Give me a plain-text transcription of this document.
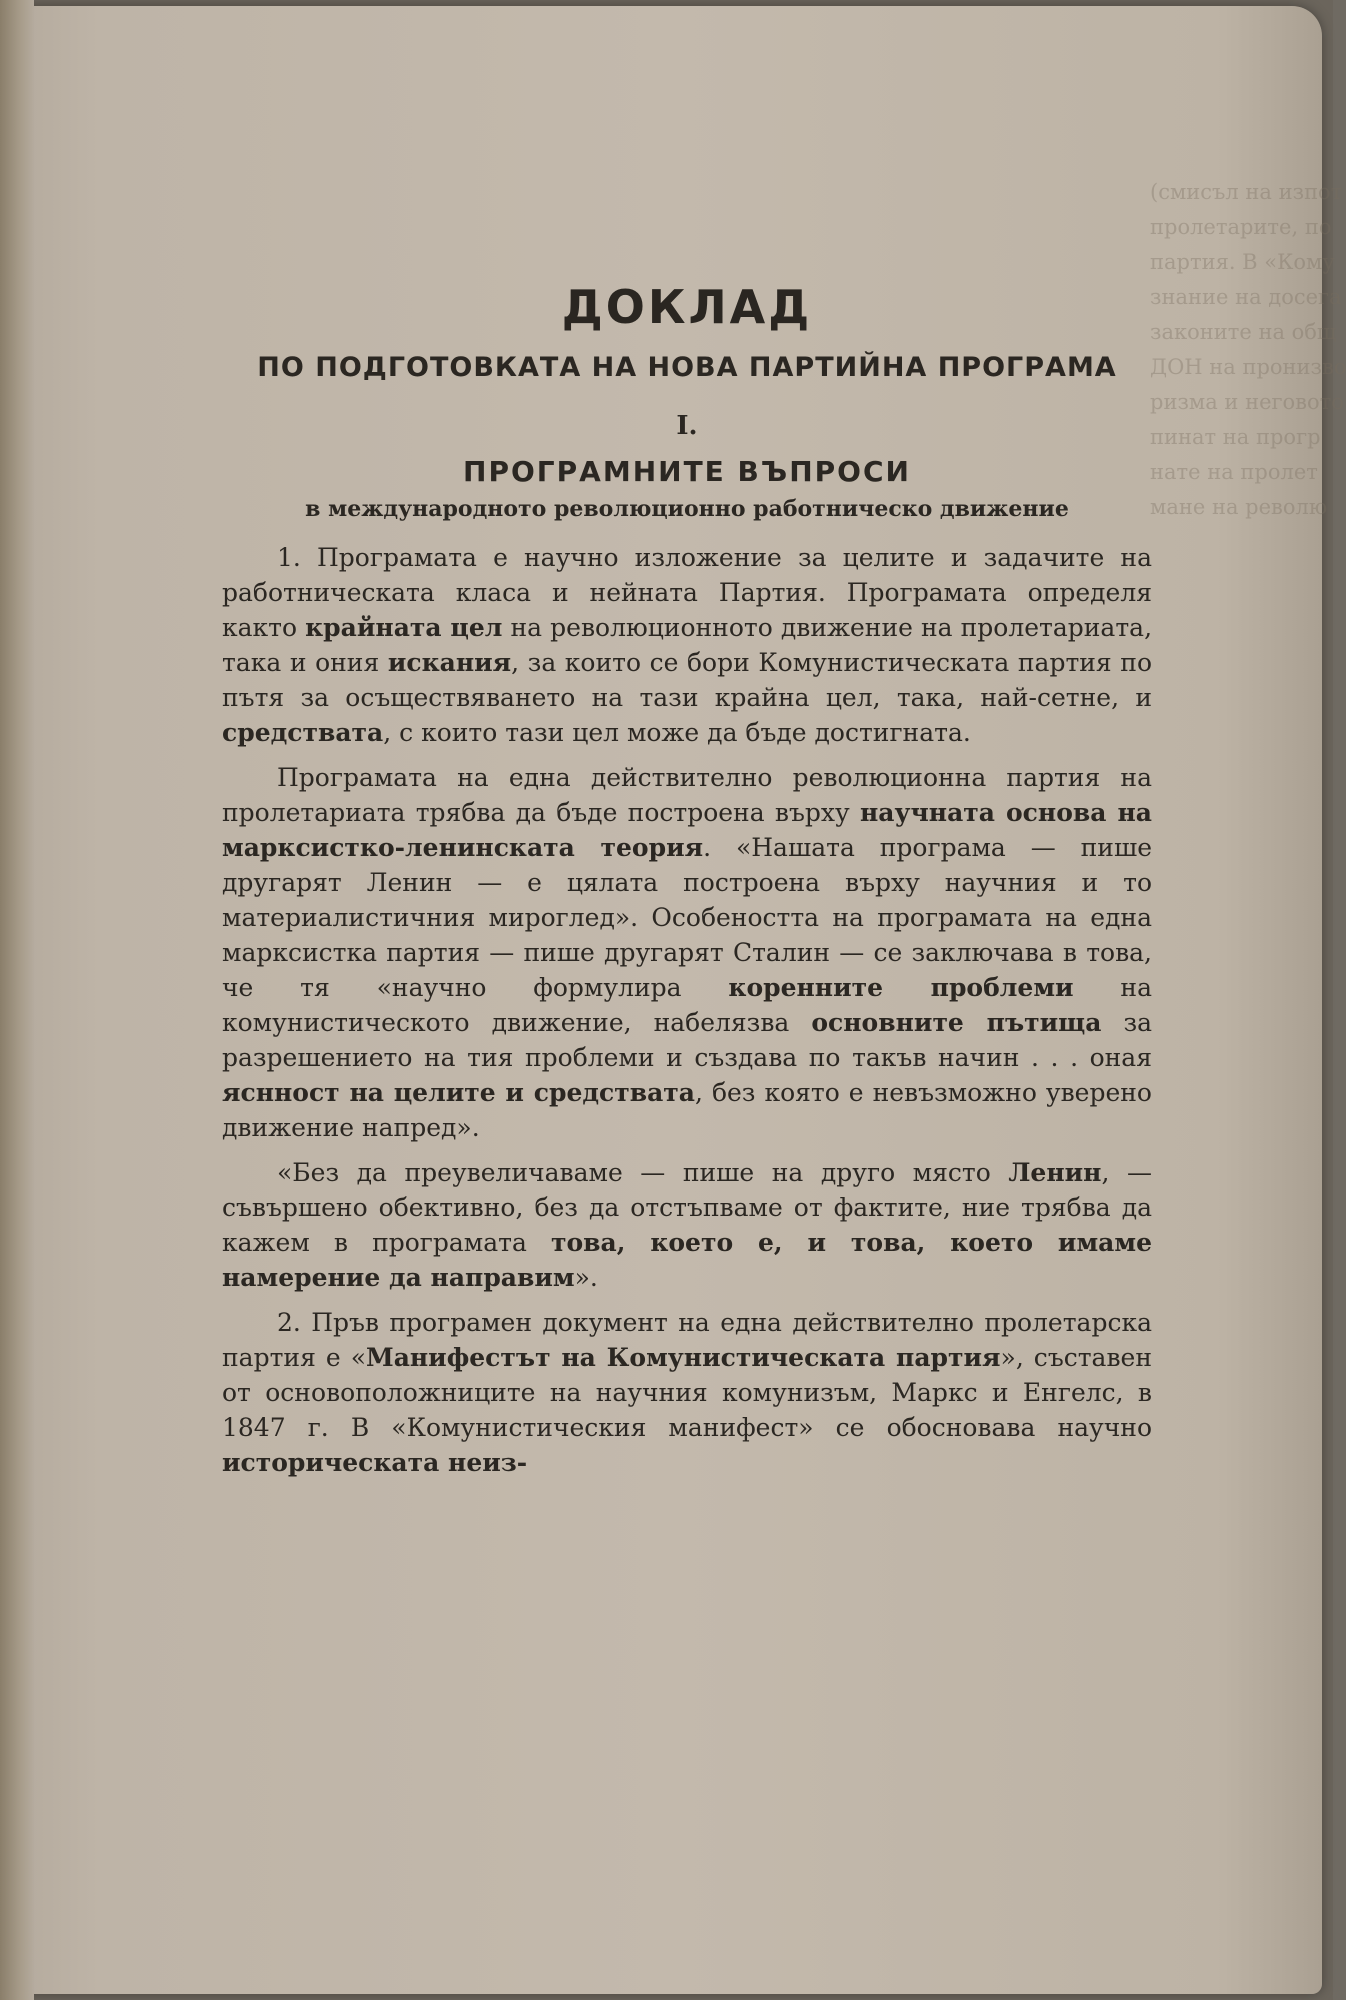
(смисъл на изпот
пролетарите, по
партия. В «Кому
знание на досега
законите на общ
ДОН на пронизво
ризма и неговото
пинат на прогр
нате на пролет
мане на револю
ДОКЛАД
ПО ПОДГОТОВКАТА НА НОВА ПАРТИЙНА ПРОГРАМА
I.
ПРОГРАМНИТЕ ВЪПРОСИ
в международното революционно работническо движение

1. Програмата е научно изложение за целите и задачите на работническата класа и нейната Партия. Програмата определя както крайната цел на революционното движение на пролетариата, така и ония искания, за които се бори Комунистическата партия по пътя за осъществяването на тази крайна цел, така, най-сетне, и средствата, с които тази цел може да бъде достигната.

Програмата на една действително революционна партия на пролетариата трябва да бъде построена върху научната основа на марксистко-ленинската теория. «Нашата програма — пише другарят Ленин — е цялата построена върху научния и то материалистичния мироглед». Особеността на програмата на една марксистка партия — пише другарят Сталин — се заключава в това, че тя «научно формулира коренните проблеми на комунистическото движение, набелязва основните пътища за разрешението на тия проблеми и създава по такъв начин . . . оная яснност на целите и средствата, без която е невъзможно уверено движение напред».

«Без да преувеличаваме — пише на друго място Ленин, — съвършено обективно, без да отстъпваме от фактите, ние трябва да кажем в програмата това, което е, и това, което имаме намерение да направим».

2. Пръв програмен документ на една действително пролетарска партия е «Манифестът на Комунистическата партия», съставен от основоположниците на научния комунизъм, Маркс и Енгелс, в 1847 г. В «Комунистическия манифест» се обосновава научно историческата неиз-
